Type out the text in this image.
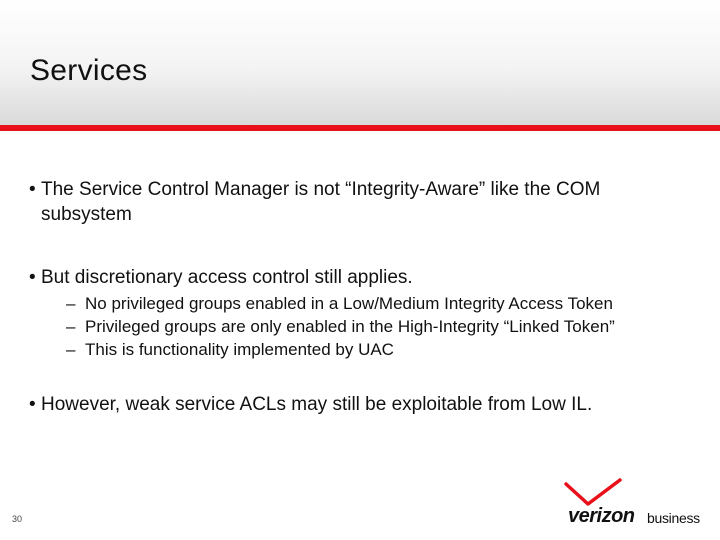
Services
• The Service Control Manager is not “Integrity-Aware” like the COM
subsystem
• But discretionary access control still applies.
– No privileged groups enabled in a Low/Medium Integrity Access Token
– Privileged groups are only enabled in the High-Integrity “Linked Token”
– This is functionality implemented by UAC
• However, weak service ACLs may still be exploitable from Low IL.
30	verizon business
